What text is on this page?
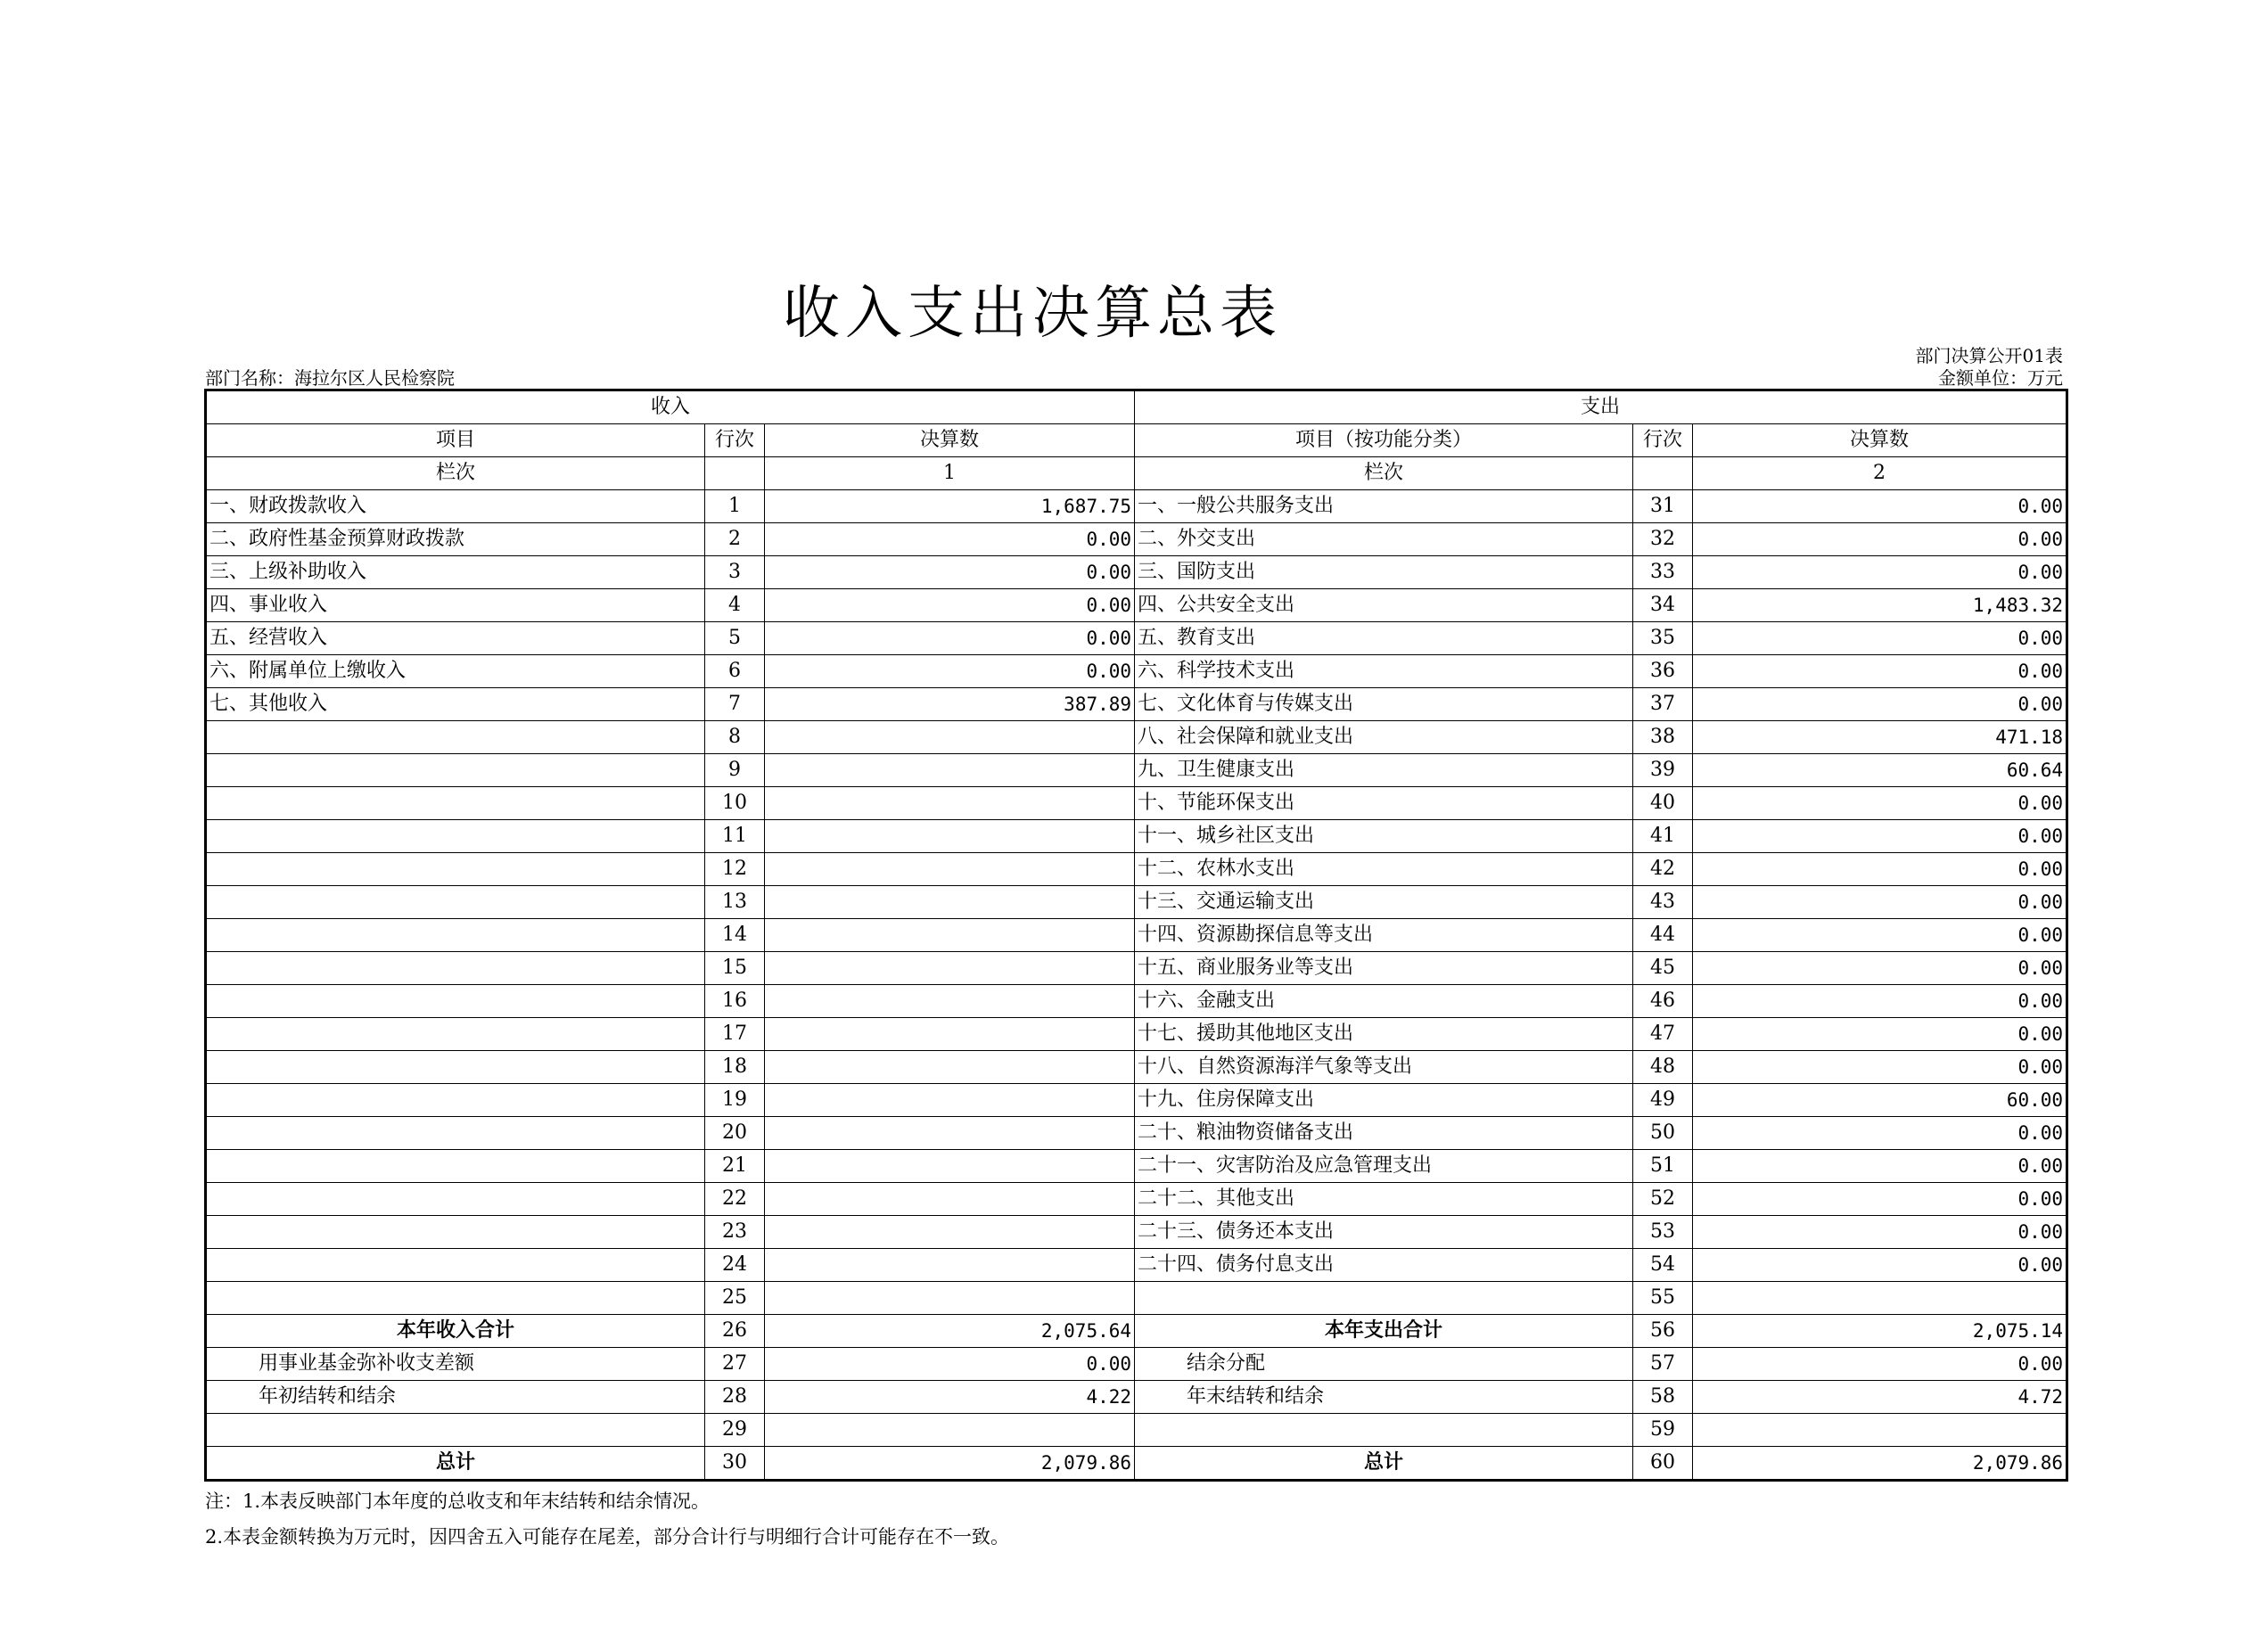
收入支出决算总表
部门决算公开01表
金额单位：万元
部门名称：海拉尔区人民检察院
收入			支出		
项目	行次	决算数	项目（按功能分类）	行次	决算数
栏次		1	栏次		2
一、财政拨款收入	1	1,687.75	一、一般公共服务支出	31	0.00
二、政府性基金预算财政拨款	2	0.00	二、外交支出	32	0.00
三、上级补助收入	3	0.00	三、国防支出	33	0.00
四、事业收入	4	0.00	四、公共安全支出	34	1,483.32
五、经营收入	5	0.00	五、教育支出	35	0.00
六、附属单位上缴收入	6	0.00	六、科学技术支出	36	0.00
七、其他收入	7	387.89	七、文化体育与传媒支出	37	0.00
	8		八、社会保障和就业支出	38	471.18
	9		九、卫生健康支出	39	60.64
	10		十、节能环保支出	40	0.00
	11		十一、城乡社区支出	41	0.00
	12		十二、农林水支出	42	0.00
	13		十三、交通运输支出	43	0.00
	14		十四、资源勘探信息等支出	44	0.00
	15		十五、商业服务业等支出	45	0.00
	16		十六、金融支出	46	0.00
	17		十七、援助其他地区支出	47	0.00
	18		十八、自然资源海洋气象等支出	48	0.00
	19		十九、住房保障支出	49	60.00
	20		二十、粮油物资储备支出	50	0.00
	21		二十一、灾害防治及应急管理支出	51	0.00
	22		二十二、其他支出	52	0.00
	23		二十三、债务还本支出	53	0.00
	24		二十四、债务付息支出	54	0.00
	25			55	
本年收入合计	26	2,075.64	本年支出合计	56	2,075.14
用事业基金弥补收支差额	27	0.00	结余分配	57	0.00
年初结转和结余	28	4.22	年末结转和结余	58	4.72
	29			59	
总计	30	2,079.86	总计	60	2,079.86
注：1.本表反映部门本年度的总收支和年末结转和结余情况。
2.本表金额转换为万元时，因四舍五入可能存在尾差，部分合计行与明细行合计可能存在不一致。
